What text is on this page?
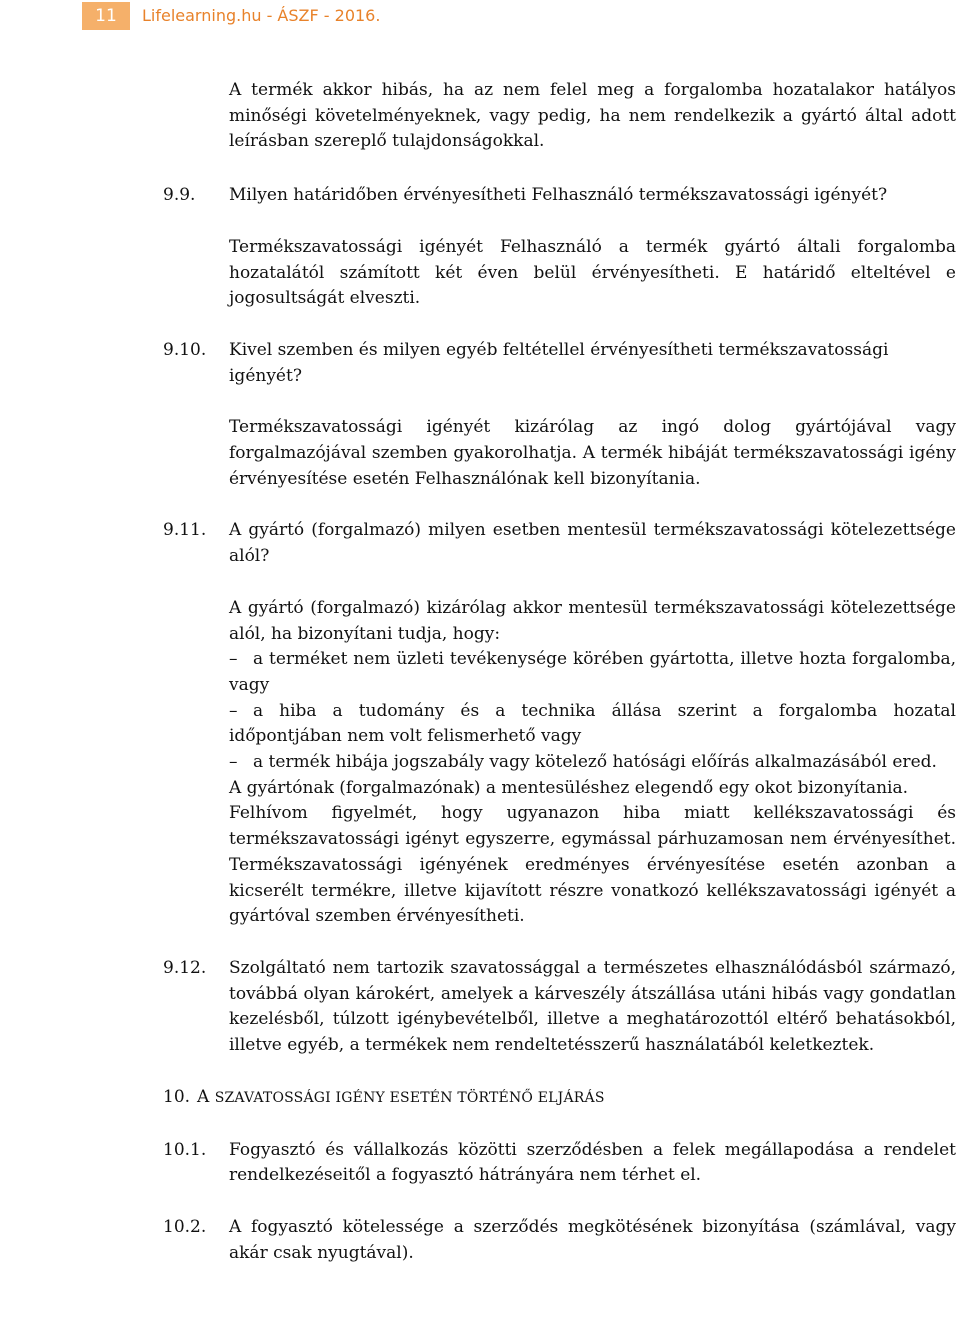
11	Lifelearning.hu - ÁSZF - 2016.
A termék akkor hibás, ha az nem felel meg a forgalomba hozatalakor hatályos minőségi követelményeknek, vagy pedig, ha nem rendelkezik a gyártó által adott leírásban szereplő tulajdonságokkal.
9.9. Milyen határidőben érvényesítheti Felhasználó termékszavatossági igényét?
Termékszavatossági igényét Felhasználó a termék gyártó általi forgalomba hozatalától számított két éven belül érvényesítheti. E határidő elteltével e jogosultságát elveszti.
9.10. Kivel szemben és milyen egyéb feltétellel érvényesítheti termékszavatossági igényét?
Termékszavatossági igényét kizárólag az ingó dolog gyártójával vagy forgalmazójával szemben gyakorolhatja. A termék hibáját termékszavatossági igény érvényesítése esetén Felhasználónak kell bizonyítania.
9.11. A gyártó (forgalmazó) milyen esetben mentesül termékszavatossági kötelezettsége alól?
A gyártó (forgalmazó) kizárólag akkor mentesül termékszavatossági kötelezettsége alól, ha bizonyítani tudja, hogy:
– a terméket nem üzleti tevékenysége körében gyártotta, illetve hozta forgalomba, vagy
– a hiba a tudomány és a technika állása szerint a forgalomba hozatal időpontjában nem volt felismerhető vagy
– a termék hibája jogszabály vagy kötelező hatósági előírás alkalmazásából ered.
A gyártónak (forgalmazónak) a mentesüléshez elegendő egy okot bizonyítania.
Felhívom figyelmét, hogy ugyanazon hiba miatt kellékszavatossági és termékszavatossági igényt egyszerre, egymással párhuzamosan nem érvényesíthet. Termékszavatossági igényének eredményes érvényesítése esetén azonban a kicserélt termékre, illetve kijavított részre vonatkozó kellékszavatossági igényét a gyártóval szemben érvényesítheti.
9.12. Szolgáltató nem tartozik szavatossággal a természetes elhasználódásból származó, továbbá olyan károkért, amelyek a kárveszély átszállása utáni hibás vagy gondatlan kezelésből, túlzott igénybevételből, illetve a meghatározottól eltérő behatásokból, illetve egyéb, a termékek nem rendeltetésszerű használatából keletkeztek.
10. A SZAVATOSSÁGI IGÉNY ESETÉN TÖRTÉNŐ ELJÁRÁS
10.1. Fogyasztó és vállalkozás közötti szerződésben a felek megállapodása a rendelet rendelkezéseitől a fogyasztó hátrányára nem térhet el.
10.2. A fogyasztó kötelessége a szerződés megkötésének bizonyítása (számlával, vagy akár csak nyugtával).
